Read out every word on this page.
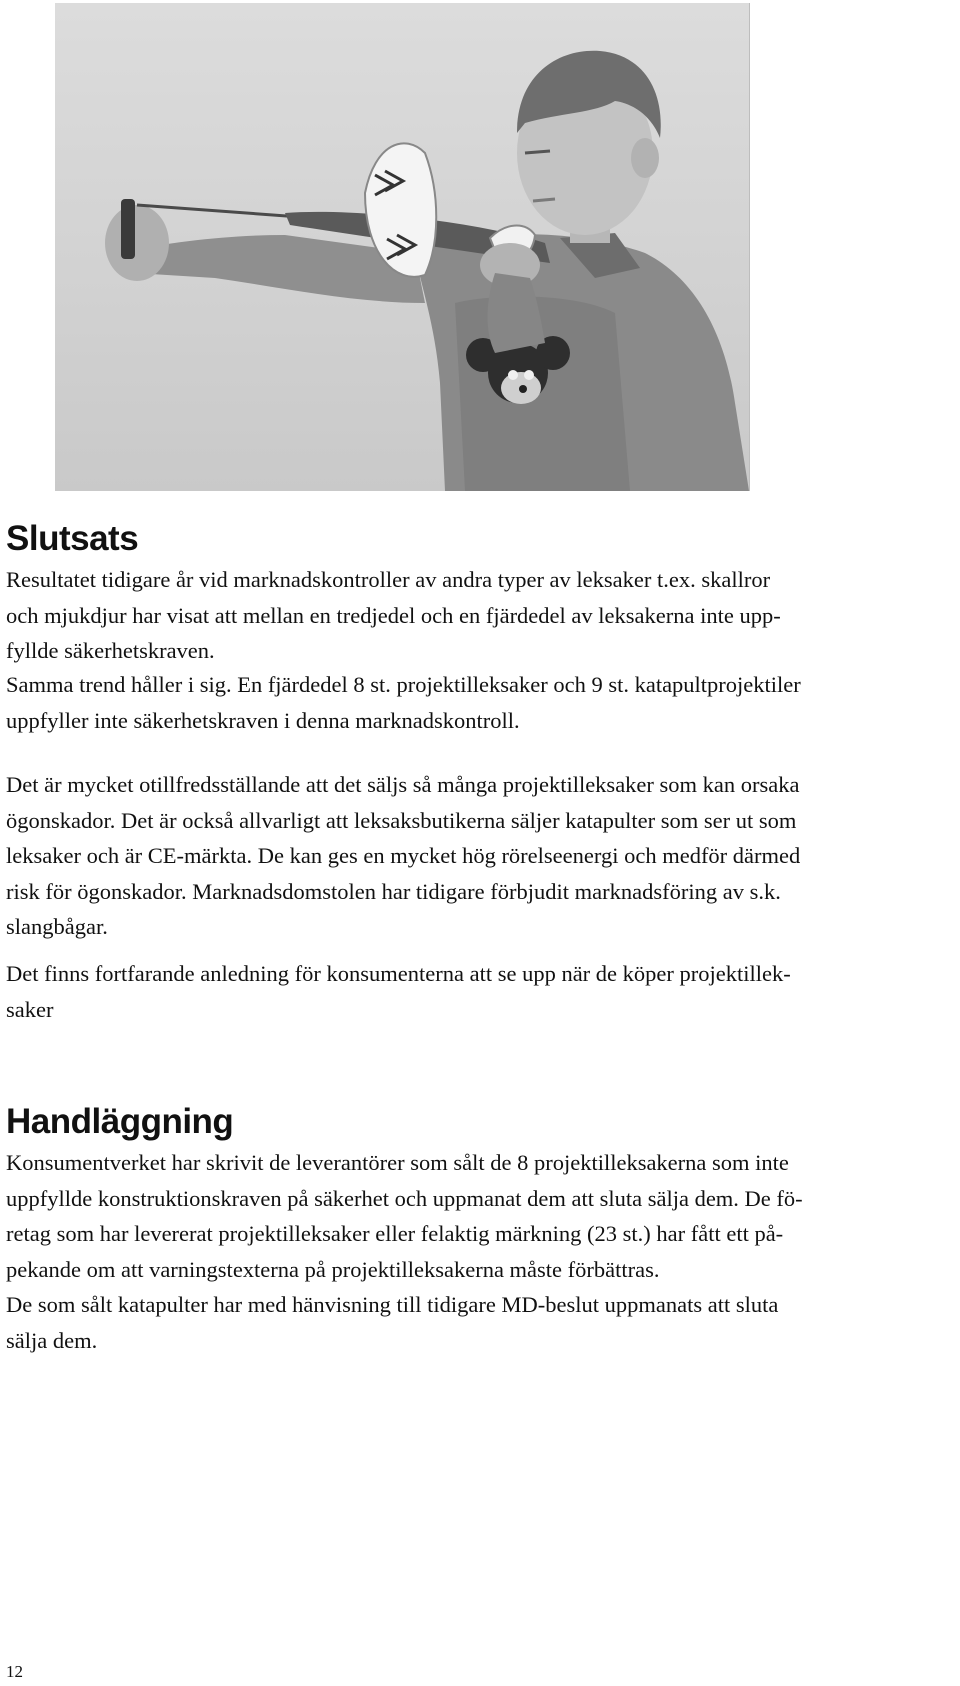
Slutsats

Resultatet tidigare år vid marknadskontroller av andra typer av leksaker t.ex. skallror
och mjukdjur har visat att mellan en tredjedel och en fjärdedel av leksakerna inte upp-
fyllde säkerhetskraven.

Samma trend håller i sig. En fjärdedel 8 st. projektilleksaker och 9 st. katapultprojektiler
uppfyller inte säkerhetskraven i denna marknadskontroll.

Det är mycket otillfredsställande att det säljs så många projektilleksaker som kan orsaka
ögonskador. Det är också allvarligt att leksaksbutikerna säljer katapulter som ser ut som
leksaker och är CE-märkta. De kan ges en mycket hög rörelseenergi och medför därmed
risk för ögonskador. Marknadsdomstolen har tidigare förbjudit marknadsföring av s.k.
slangbågar.

Det finns fortfarande anledning för konsumenterna att se upp när de köper projektillek-
saker

Handläggning

Konsumentverket har skrivit de leverantörer som sålt de 8 projektilleksakerna som inte
uppfyllde konstruktionskraven på säkerhet och uppmanat dem att sluta sälja dem. De fö-
retag som har levererat projektilleksaker eller felaktig märkning (23 st.) har fått ett på-
pekande om att varningstexterna på projektilleksakerna måste förbättras.

De som sålt katapulter har med hänvisning till tidigare MD-beslut uppmanats att sluta
sälja dem.

12
